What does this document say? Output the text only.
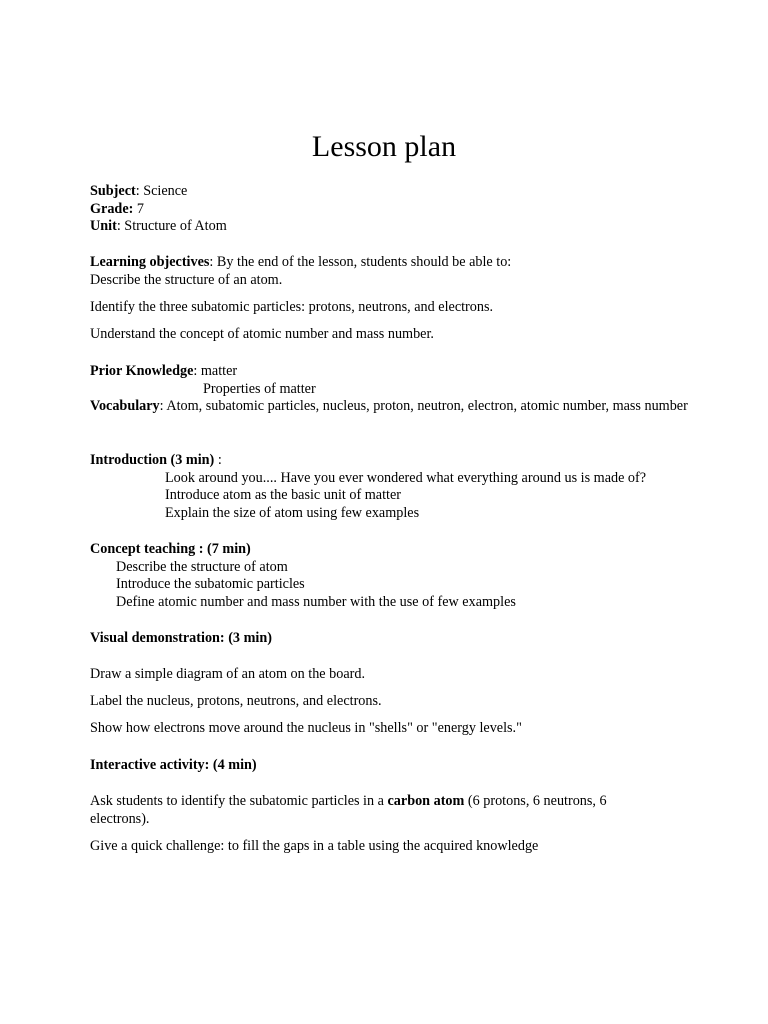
Lesson plan
Subject: Science
Grade: 7
Unit: Structure of Atom
Learning objectives: By the end of the lesson, students should be able to:
Describe the structure of an atom.
Identify the three subatomic particles: protons, neutrons, and electrons.
Understand the concept of atomic number and mass number.
Prior Knowledge: matter
Properties of matter
Vocabulary: Atom, subatomic particles, nucleus, proton, neutron, electron, atomic number, mass number
Introduction (3 min) :
Look around you.... Have you ever wondered what everything around us is made of?
Introduce atom as the basic unit of matter
Explain the size of atom using few examples
Concept teaching : (7 min)
Describe the structure of atom
Introduce the subatomic particles
Define atomic number and mass number with the use of few examples
Visual demonstration: (3 min)
Draw a simple diagram of an atom on the board.
Label the nucleus, protons, neutrons, and electrons.
Show how electrons move around the nucleus in "shells" or "energy levels."
Interactive activity: (4 min)
Ask students to identify the subatomic particles in a carbon atom (6 protons, 6 neutrons, 6 electrons).
Give a quick challenge: to fill the gaps in a table using the acquired knowledge
